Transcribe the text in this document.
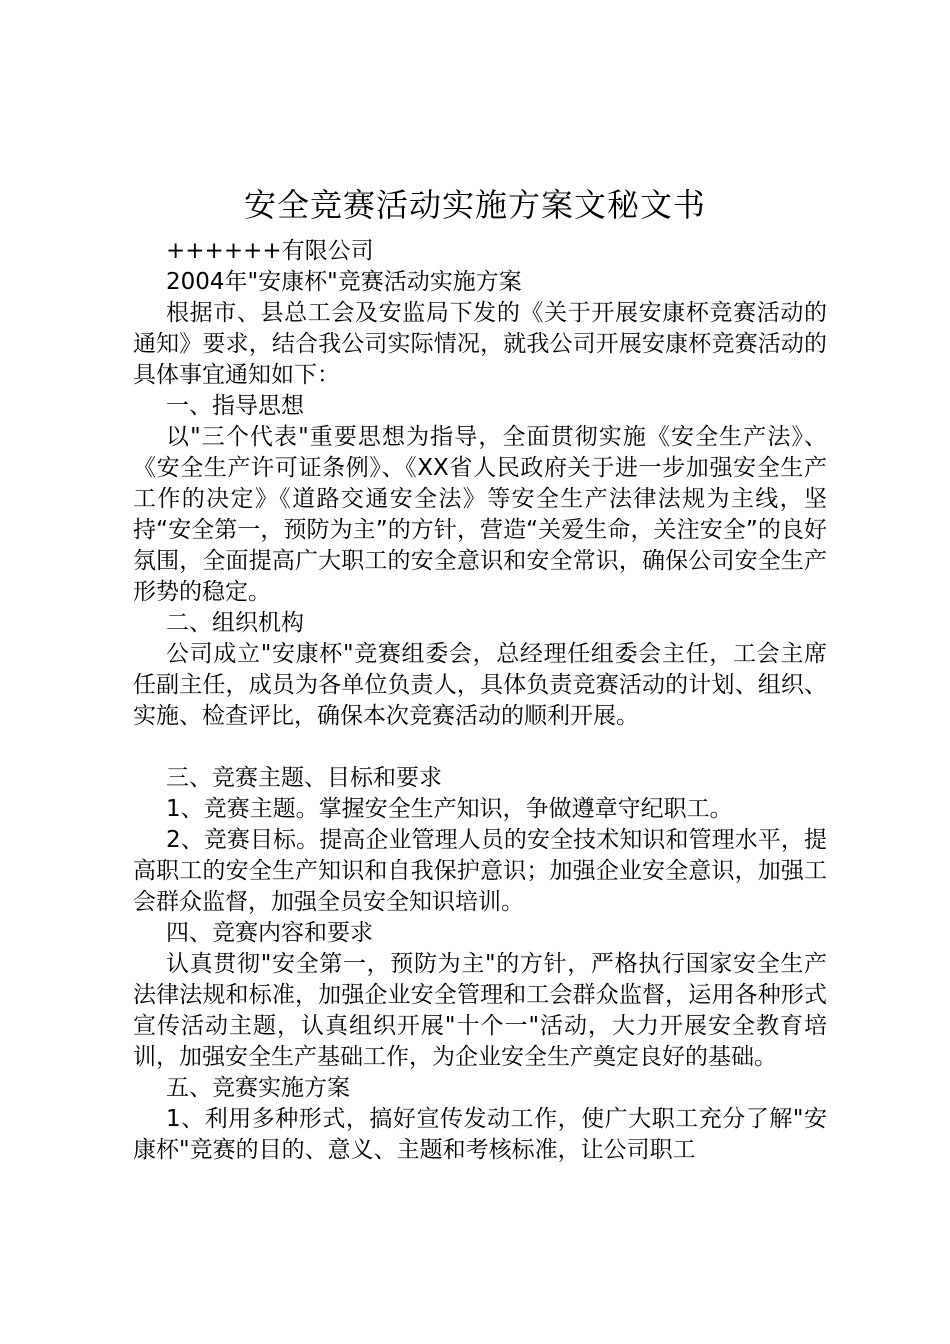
安全竞赛活动实施方案文秘文书

++++++有限公司

2004年"安康杯"竞赛活动实施方案

根据市、县总工会及安监局下发的《关于开展安康杯竞赛活动的通知》要求，结合我公司实际情况，就我公司开展安康杯竞赛活动的具体事宜通知如下：

一、指导思想

以"三个代表"重要思想为指导，全面贯彻实施《安全生产法》、《安全生产许可证条例》、《XX省人民政府关于进一步加强安全生产工作的决定》《道路交通安全法》等安全生产法律法规为主线，坚持“安全第一，预防为主”的方针，营造“关爱生命，关注安全”的良好氛围，全面提高广大职工的安全意识和安全常识，确保公司安全生产形势的稳定。

二、组织机构

公司成立"安康杯"竞赛组委会，总经理任组委会主任，工会主席任副主任，成员为各单位负责人，具体负责竞赛活动的计划、组织、实施、检查评比，确保本次竞赛活动的顺利开展。

三、竞赛主题、目标和要求

1、竞赛主题。掌握安全生产知识，争做遵章守纪职工。

2、竞赛目标。提高企业管理人员的安全技术知识和管理水平，提高职工的安全生产知识和自我保护意识；加强企业安全意识，加强工会群众监督，加强全员安全知识培训。

四、竞赛内容和要求

认真贯彻"安全第一，预防为主"的方针，严格执行国家安全生产法律法规和标准，加强企业安全管理和工会群众监督，运用各种形式宣传活动主题，认真组织开展"十个一"活动，大力开展安全教育培训，加强安全生产基础工作，为企业安全生产奠定良好的基础。

五、竞赛实施方案

1、利用多种形式，搞好宣传发动工作，使广大职工充分了解"安康杯"竞赛的目的、意义、主题和考核标准，让公司职工
